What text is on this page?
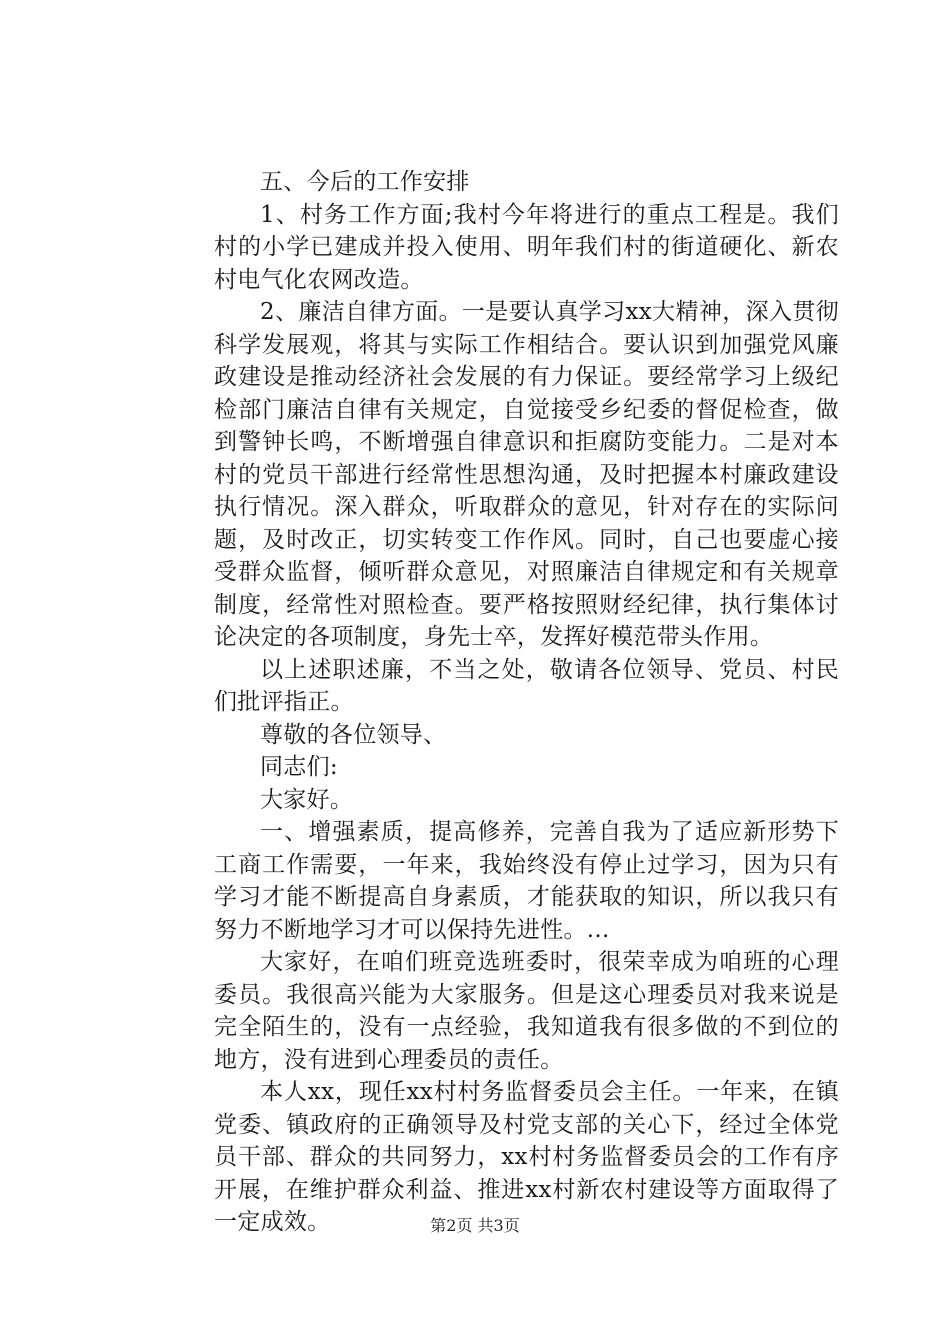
五、今后的工作安排

1、村务工作方面;我村今年将进行的重点工程是。我们村的小学已建成并投入使用、明年我们村的街道硬化、新农村电气化农网改造。

2、廉洁自律方面。一是要认真学习xx大精神，深入贯彻科学发展观，将其与实际工作相结合。要认识到加强党风廉政建设是推动经济社会发展的有力保证。要经常学习上级纪检部门廉洁自律有关规定，自觉接受乡纪委的督促检查，做到警钟长鸣，不断增强自律意识和拒腐防变能力。二是对本村的党员干部进行经常性思想沟通，及时把握本村廉政建设执行情况。深入群众，听取群众的意见，针对存在的实际问题，及时改正，切实转变工作作风。同时，自己也要虚心接受群众监督，倾听群众意见，对照廉洁自律规定和有关规章制度，经常性对照检查。要严格按照财经纪律，执行集体讨论决定的各项制度，身先士卒，发挥好模范带头作用。

以上述职述廉，不当之处，敬请各位领导、党员、村民们批评指正。

尊敬的各位领导、

同志们:

大家好。

一、增强素质，提高修养，完善自我为了适应新形势下工商工作需要，一年来，我始终没有停止过学习，因为只有学习才能不断提高自身素质，才能获取的知识，所以我只有努力不断地学习才可以保持先进性。...

大家好，在咱们班竞选班委时，很荣幸成为咱班的心理委员。我很高兴能为大家服务。但是这心理委员对我来说是完全陌生的，没有一点经验，我知道我有很多做的不到位的地方，没有进到心理委员的责任。

本人xx，现任xx村村务监督委员会主任。一年来，在镇党委、镇政府的正确领导及村党支部的关心下，经过全体党员干部、群众的共同努力，xx村村务监督委员会的工作有序开展，在维护群众利益、推进xx村新农村建设等方面取得了一定成效。	第2页 共3页
